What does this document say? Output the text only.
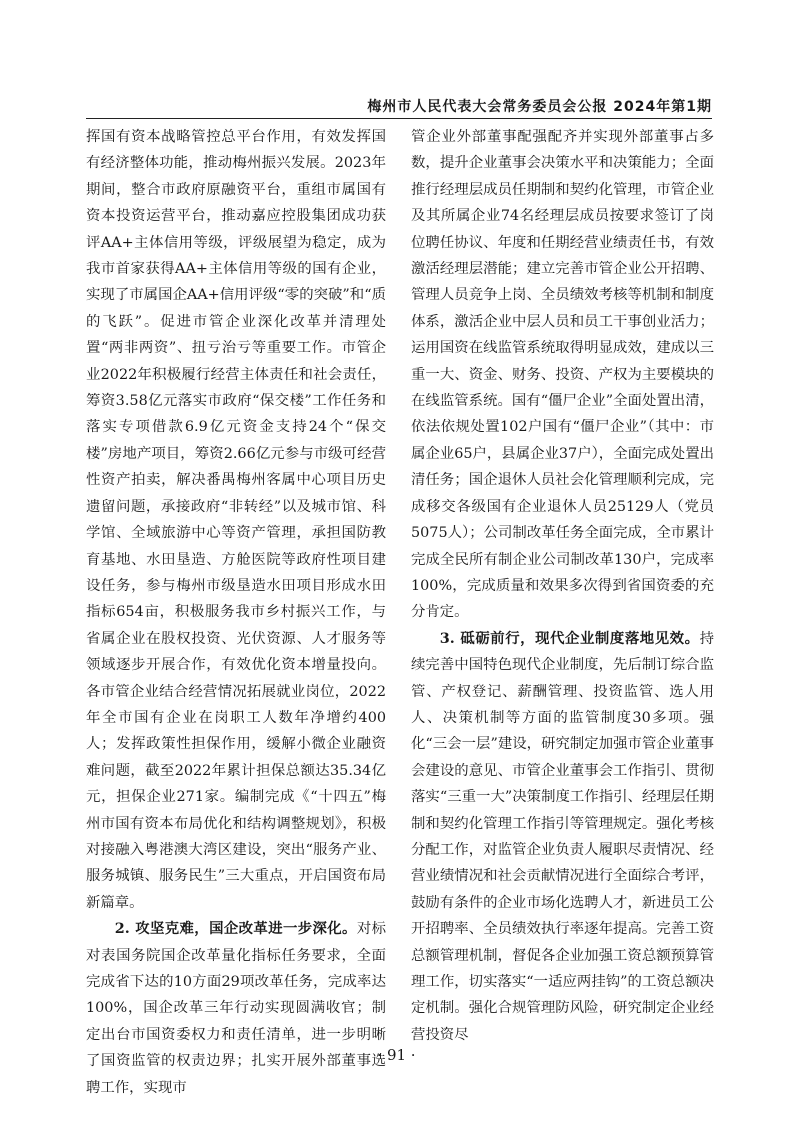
梅州市人民代表大会常务委员会公报 2024年第1期

挥国有资本战略管控总平台作用，有效发挥国有经济整体功能，推动梅州振兴发展。2023年期间，整合市政府原融资平台，重组市属国有资本投资运营平台，推动嘉应控股集团成功获评AA+主体信用等级，评级展望为稳定，成为我市首家获得AA+主体信用等级的国有企业，实现了市属国企AA+信用评级“零的突破”和“质的飞跃”。促进市管企业深化改革并清理处置“两非两资”、扭亏治亏等重要工作。市管企业2022年积极履行经营主体责任和社会责任，筹资3.58亿元落实市政府“保交楼”工作任务和落实专项借款6.9亿元资金支持24个“保交楼”房地产项目，筹资2.66亿元参与市级可经营性资产拍卖，解决番禺梅州客属中心项目历史遗留问题，承接政府“非转经”以及城市馆、科学馆、全域旅游中心等资产管理，承担国防教育基地、水田垦造、方舱医院等政府性项目建设任务，参与梅州市级垦造水田项目形成水田指标654亩，积极服务我市乡村振兴工作，与省属企业在股权投资、光伏资源、人才服务等领域逐步开展合作，有效优化资本增量投向。各市管企业结合经营情况拓展就业岗位，2022年全市国有企业在岗职工人数年净增约400人；发挥政策性担保作用，缓解小微企业融资难问题，截至2022年累计担保总额达35.34亿元，担保企业271家。编制完成《“十四五”梅州市国有资本布局优化和结构调整规划》，积极对接融入粤港澳大湾区建设，突出“服务产业、服务城镇、服务民生”三大重点，开启国资布局新篇章。

2. 攻坚克难，国企改革进一步深化。对标对表国务院国企改革量化指标任务要求，全面完成省下达的10方面29项改革任务，完成率达100%，国企改革三年行动实现圆满收官；制定出台市国资委权力和责任清单，进一步明晰了国资监管的权责边界；扎实开展外部董事选聘工作，实现市

管企业外部董事配强配齐并实现外部董事占多数，提升企业董事会决策水平和决策能力；全面推行经理层成员任期制和契约化管理，市管企业及其所属企业74名经理层成员按要求签订了岗位聘任协议、年度和任期经营业绩责任书，有效激活经理层潜能；建立完善市管企业公开招聘、管理人员竞争上岗、全员绩效考核等机制和制度体系，激活企业中层人员和员工干事创业活力；运用国资在线监管系统取得明显成效，建成以三重一大、资金、财务、投资、产权为主要模块的在线监管系统。国有“僵尸企业”全面处置出清，依法依规处置102户国有“僵尸企业”（其中：市属企业65户，县属企业37户），全面完成处置出清任务；国企退休人员社会化管理顺利完成，完成移交各级国有企业退休人员25129人（党员5075人）；公司制改革任务全面完成，全市累计完成全民所有制企业公司制改革130户，完成率100%，完成质量和效果多次得到省国资委的充分肯定。

3. 砥砺前行，现代企业制度落地见效。持续完善中国特色现代企业制度，先后制订综合监管、产权登记、薪酬管理、投资监管、选人用人、决策机制等方面的监管制度30多项。强化“三会一层”建设，研究制定加强市管企业董事会建设的意见、市管企业董事会工作指引、贯彻落实“三重一大”决策制度工作指引、经理层任期制和契约化管理工作指引等管理规定。强化考核分配工作，对监管企业负责人履职尽责情况、经营业绩情况和社会贡献情况进行全面综合考评，鼓励有条件的企业市场化选聘人才，新进员工公开招聘率、全员绩效执行率逐年提高。完善工资总额管理机制，督促各企业加强工资总额预算管理工作，切实落实“一适应两挂钩”的工资总额决定机制。强化合规管理防风险，研究制定企业经营投资尽

· 91 ·
